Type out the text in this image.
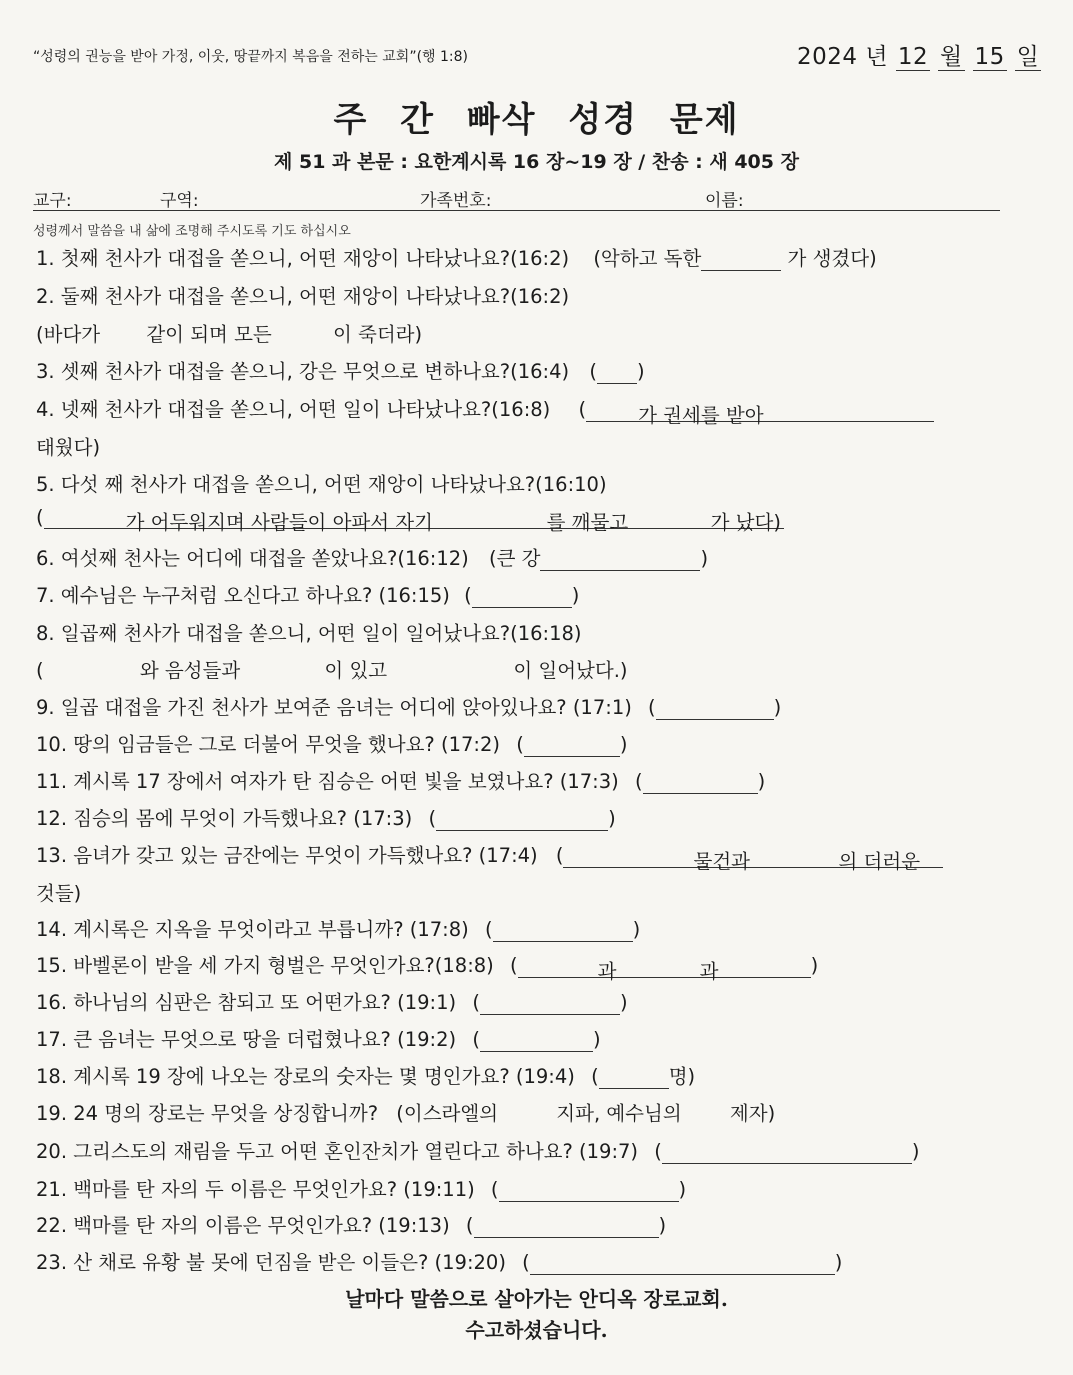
“성령의 권능을 받아 가정, 이웃, 땅끝까지 복음을 전하는 교회”(행 1:8)	2024 년 12 월 15 일
주 간 빠삭 성경 문제
제 51 과 본문 : 요한계시록 16 장~19 장 / 찬송 : 새 405 장
교구:	구역:	가족번호:	이름:
성령께서 말씀을 내 삶에 조명해 주시도록 기도 하십시오
1. 첫째 천사가 대접을 쏟으니, 어떤 재앙이 나타났나요?(16:2) (악하고 독한	가 생겼다)
2. 둘째 천사가 대접을 쏟으니, 어떤 재앙이 나타났나요?(16:2)
(바다가 같이 되며 모든	이 죽더라)
3. 셋째 천사가 대접을 쏟으니, 강은 무엇으로 변하나요?(16:4) ( )
4. 넷째 천사가 대접을 쏟으니, 어떤 일이 나타났나요?(16:8) (	가 권세를 받아
태웠다)
5. 다섯 째 천사가 대접을 쏟으니, 어떤 재앙이 나타났나요?(16:10)
(	가 어두워지며 사람들이 아파서 자기	를 깨물고	가 났다)
6. 여섯째 천사는 어디에 대접을 쏟았나요?(16:12) (큰 강	)
7. 예수님은 누구처럼 오신다고 하나요? (16:15) (	)
8. 일곱째 천사가 대접을 쏟으니, 어떤 일이 일어났나요?(16:18)
(	와 음성들과	이 있고	이 일어났다.)
9. 일곱 대접을 가진 천사가 보여준 음녀는 어디에 앉아있나요? (17:1) (	)
10. 땅의 임금들은 그로 더불어 무엇을 했나요? (17:2) (	)
11. 계시록 17 장에서 여자가 탄 짐승은 어떤 빛을 보였나요? (17:3) (	)
12. 짐승의 몸에 무엇이 가득했나요? (17:3) (	)
13. 음녀가 갖고 있는 금잔에는 무엇이 가득했나요? (17:4) (	물건과	의 더러운
것들)
14. 계시록은 지옥을 무엇이라고 부릅니까? (17:8) (	)
15. 바벨론이 받을 세 가지 형벌은 무엇인가요?(18:8) (	과	과	)
16. 하나님의 심판은 참되고 또 어떤가요? (19:1) (	)
17. 큰 음녀는 무엇으로 땅을 더럽혔나요? (19:2) (	)
18. 계시록 19 장에 나오는 장로의 숫자는 몇 명인가요? (19:4) (	명)
19. 24 명의 장로는 무엇을 상징합니까? (이스라엘의	지파, 예수님의 제자)
20. 그리스도의 재림을 두고 어떤 혼인잔치가 열린다고 하나요? (19:7) (	)
21. 백마를 탄 자의 두 이름은 무엇인가요? (19:11) (	)
22. 백마를 탄 자의 이름은 무엇인가요? (19:13) (	)
23. 산 채로 유황 불 못에 던짐을 받은 이들은? (19:20) (	)
날마다 말씀으로 살아가는 안디옥 장로교회.
수고하셨습니다.
